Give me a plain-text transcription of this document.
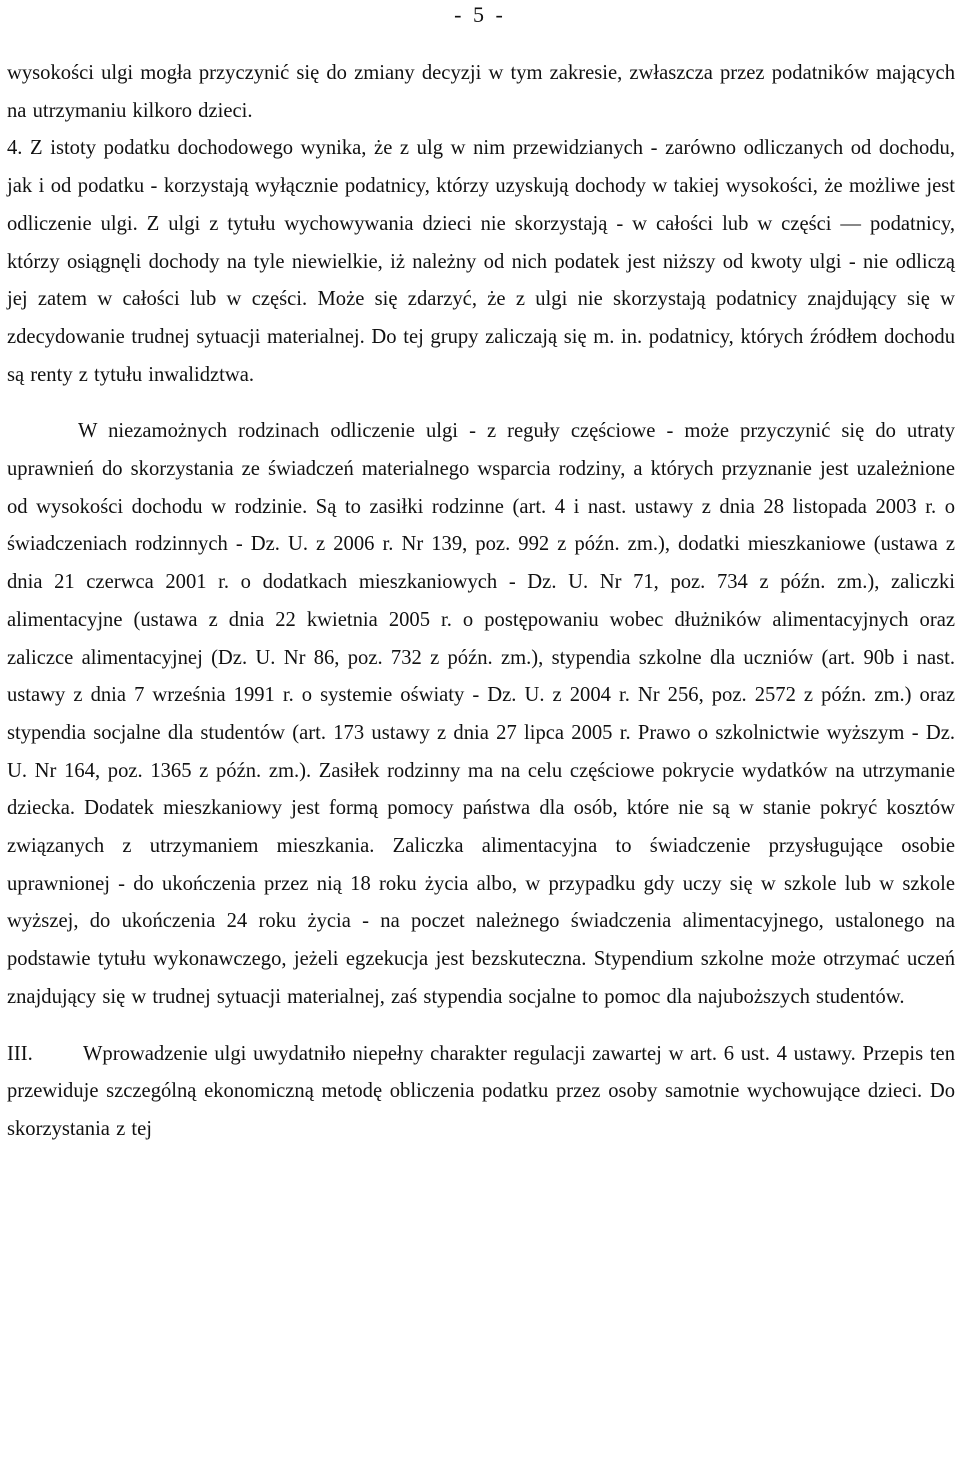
- 5 -

wysokości ulgi mogła przyczynić się do zmiany decyzji w tym zakresie, zwłaszcza przez podatników mających na utrzymaniu kilkoro dzieci.

4. Z istoty podatku dochodowego wynika, że z ulg w nim przewidzianych - zarówno odliczanych od dochodu, jak i od podatku - korzystają wyłącznie podatnicy, którzy uzyskują dochody w takiej wysokości, że możliwe jest odliczenie ulgi. Z ulgi z tytułu wychowywania dzieci nie skorzystają - w całości lub w części — podatnicy, którzy osiągnęli dochody na tyle niewielkie, iż należny od nich podatek jest niższy od kwoty ulgi - nie odliczą jej zatem w całości lub w części. Może się zdarzyć, że z ulgi nie skorzystają podatnicy znajdujący się w zdecydowanie trudnej sytuacji materialnej. Do tej grupy zaliczają się m. in. podatnicy, których źródłem dochodu są renty z tytułu inwalidztwa.

W niezamożnych rodzinach odliczenie ulgi - z reguły częściowe - może przyczynić się do utraty uprawnień do skorzystania ze świadczeń materialnego wsparcia rodziny, a których przyznanie jest uzależnione od wysokości dochodu w rodzinie. Są to zasiłki rodzinne (art. 4 i nast. ustawy z dnia 28 listopada 2003 r. o świadczeniach rodzinnych - Dz. U. z 2006 r. Nr 139, poz. 992 z późn. zm.), dodatki mieszkaniowe (ustawa z dnia 21 czerwca 2001 r. o dodatkach mieszkaniowych - Dz. U. Nr 71, poz. 734 z późn. zm.), zaliczki alimentacyjne (ustawa z dnia 22 kwietnia 2005 r. o postępowaniu wobec dłużników alimentacyjnych oraz zaliczce alimentacyjnej (Dz. U. Nr 86, poz. 732 z późn. zm.), stypendia szkolne dla uczniów (art. 90b i nast. ustawy z dnia 7 września 1991 r. o systemie oświaty - Dz. U. z 2004 r. Nr 256, poz. 2572 z późn. zm.) oraz stypendia socjalne dla studentów (art. 173 ustawy z dnia 27 lipca 2005 r. Prawo o szkolnictwie wyższym - Dz. U. Nr 164, poz. 1365 z późn. zm.). Zasiłek rodzinny ma na celu częściowe pokrycie wydatków na utrzymanie dziecka. Dodatek mieszkaniowy jest formą pomocy państwa dla osób, które nie są w stanie pokryć kosztów związanych z utrzymaniem mieszkania. Zaliczka alimentacyjna to świadczenie przysługujące osobie uprawnionej - do ukończenia przez nią 18 roku życia albo, w przypadku gdy uczy się w szkole lub w szkole wyższej, do ukończenia 24 roku życia - na poczet należnego świadczenia alimentacyjnego, ustalonego na podstawie tytułu wykonawczego, jeżeli egzekucja jest bezskuteczna. Stypendium szkolne może otrzymać uczeń znajdujący się w trudnej sytuacji materialnej, zaś stypendia socjalne to pomoc dla najuboższych studentów.

III. Wprowadzenie ulgi uwydatniło niepełny charakter regulacji zawartej w art. 6 ust. 4 ustawy. Przepis ten przewiduje szczególną ekonomiczną metodę obliczenia podatku przez osoby samotnie wychowujące dzieci. Do skorzystania z tej
